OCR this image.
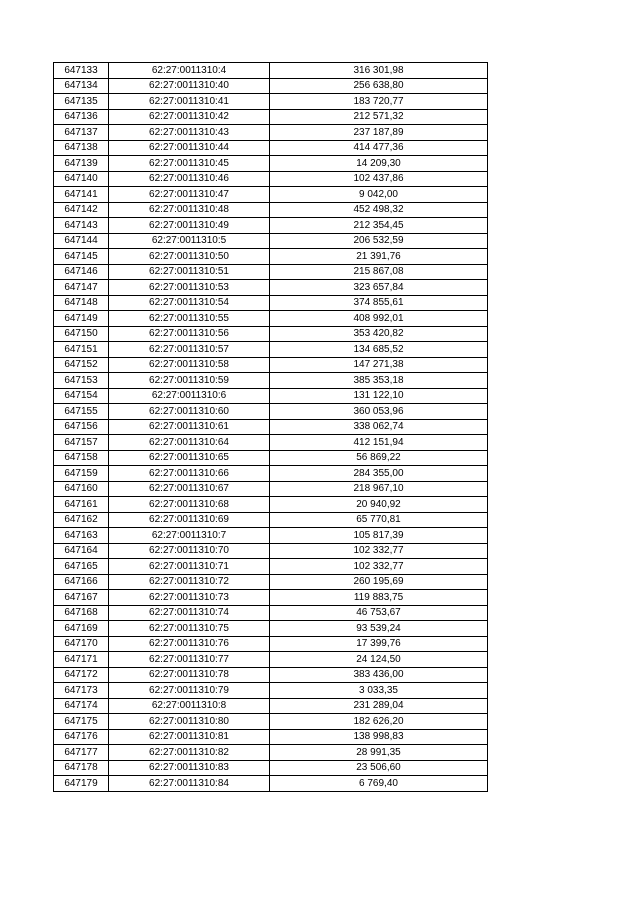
647133	62:27:0011310:4	316 301,98
647134	62:27:0011310:40	256 638,80
647135	62:27:0011310:41	183 720,77
647136	62:27:0011310:42	212 571,32
647137	62:27:0011310:43	237 187,89
647138	62:27:0011310:44	414 477,36
647139	62:27:0011310:45	14 209,30
647140	62:27:0011310:46	102 437,86
647141	62:27:0011310:47	9 042,00
647142	62:27:0011310:48	452 498,32
647143	62:27:0011310:49	212 354,45
647144	62:27:0011310:5	206 532,59
647145	62:27:0011310:50	21 391,76
647146	62:27:0011310:51	215 867,08
647147	62:27:0011310:53	323 657,84
647148	62:27:0011310:54	374 855,61
647149	62:27:0011310:55	408 992,01
647150	62:27:0011310:56	353 420,82
647151	62:27:0011310:57	134 685,52
647152	62:27:0011310:58	147 271,38
647153	62:27:0011310:59	385 353,18
647154	62:27:0011310:6	131 122,10
647155	62:27:0011310:60	360 053,96
647156	62:27:0011310:61	338 062,74
647157	62:27:0011310:64	412 151,94
647158	62:27:0011310:65	56 869,22
647159	62:27:0011310:66	284 355,00
647160	62:27:0011310:67	218 967,10
647161	62:27:0011310:68	20 940,92
647162	62:27:0011310:69	65 770,81
647163	62:27:0011310:7	105 817,39
647164	62:27:0011310:70	102 332,77
647165	62:27:0011310:71	102 332,77
647166	62:27:0011310:72	260 195,69
647167	62:27:0011310:73	119 883,75
647168	62:27:0011310:74	46 753,67
647169	62:27:0011310:75	93 539,24
647170	62:27:0011310:76	17 399,76
647171	62:27:0011310:77	24 124,50
647172	62:27:0011310:78	383 436,00
647173	62:27:0011310:79	3 033,35
647174	62:27:0011310:8	231 289,04
647175	62:27:0011310:80	182 626,20
647176	62:27:0011310:81	138 998,83
647177	62:27:0011310:82	28 991,35
647178	62:27:0011310:83	23 506,60
647179	62:27:0011310:84	6 769,40
